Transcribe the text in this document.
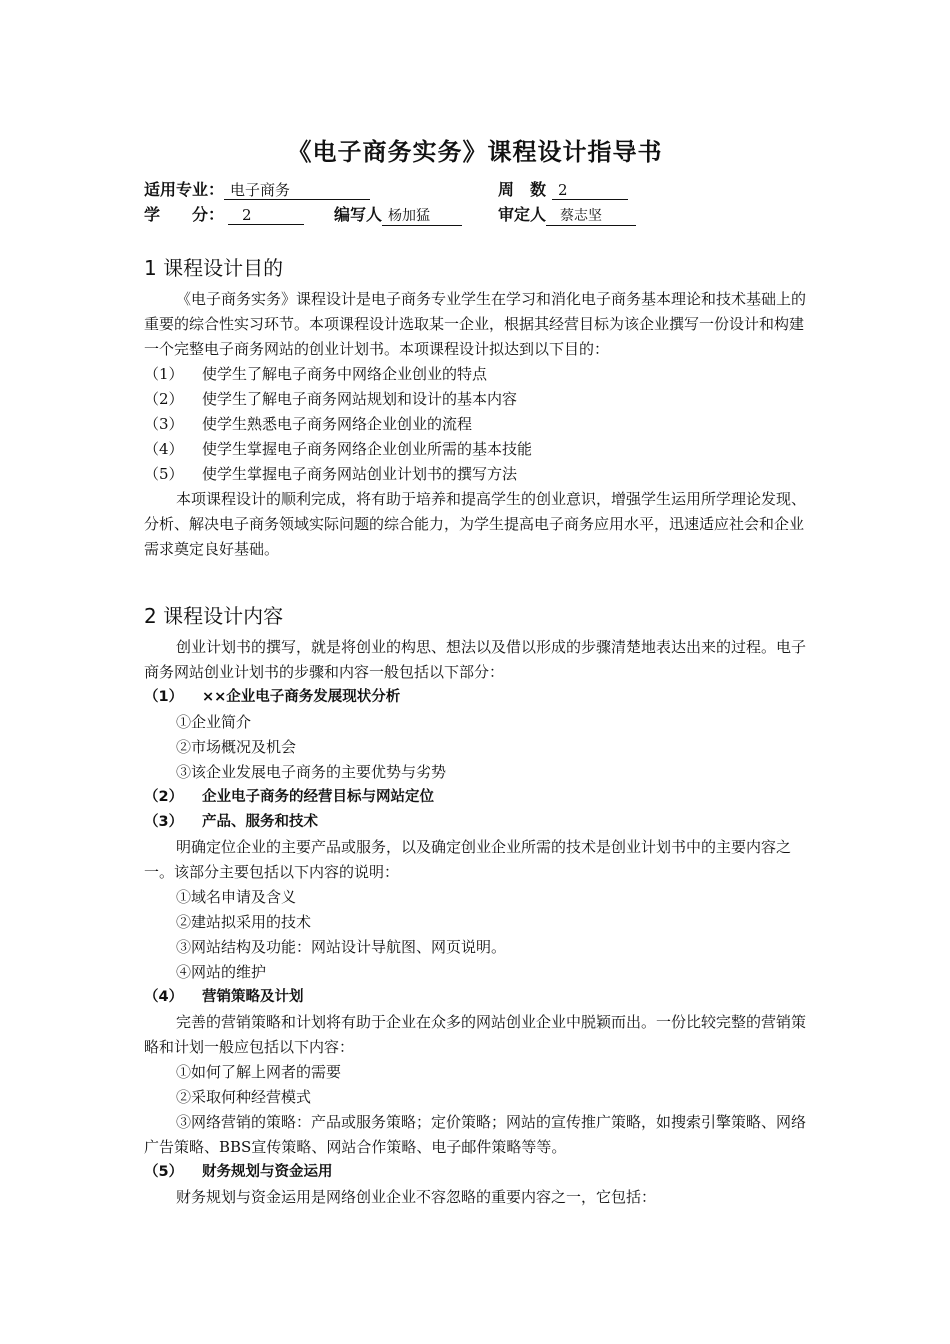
《电子商务实务》课程设计指导书
适用专业： 电子商务	周　数 2
学　　分： 2	编写人 杨加猛	审定人 蔡志坚
1 课程设计目的

《电子商务实务》课程设计是电子商务专业学生在学习和消化电子商务基本理论和技术基础上的重要的综合性实习环节。本项课程设计选取某一企业，根据其经营目标为该企业撰写一份设计和构建一个完整电子商务网站的创业计划书。本项课程设计拟达到以下目的：

（1） 使学生了解电子商务中网络企业创业的特点
（2） 使学生了解电子商务网站规划和设计的基本内容
（3） 使学生熟悉电子商务网络企业创业的流程
（4） 使学生掌握电子商务网络企业创业所需的基本技能
（5） 使学生掌握电子商务网站创业计划书的撰写方法

本项课程设计的顺利完成，将有助于培养和提高学生的创业意识，增强学生运用所学理论发现、分析、解决电子商务领域实际问题的综合能力，为学生提高电子商务应用水平，迅速适应社会和企业需求奠定良好基础。

2 课程设计内容

创业计划书的撰写，就是将创业的构思、想法以及借以形成的步骤清楚地表达出来的过程。电子商务网站创业计划书的步骤和内容一般包括以下部分：

（1） ××企业电子商务发展现状分析
①企业简介
②市场概况及机会
③该企业发展电子商务的主要优势与劣势
（2） 企业电子商务的经营目标与网站定位
（3） 产品、服务和技术

明确定位企业的主要产品或服务，以及确定创业企业所需的技术是创业计划书中的主要内容之一。该部分主要包括以下内容的说明：

①域名申请及含义
②建站拟采用的技术
③网站结构及功能：网站设计导航图、网页说明。
④网站的维护
（4） 营销策略及计划

完善的营销策略和计划将有助于企业在众多的网站创业企业中脱颖而出。一份比较完整的营销策略和计划一般应包括以下内容：

①如何了解上网者的需要
②采取何种经营模式

③网络营销的策略：产品或服务策略；定价策略；网站的宣传推广策略，如搜索引擎策略、网络广告策略、BBS宣传策略、网站合作策略、电子邮件策略等等。

（5） 财务规划与资金运用

财务规划与资金运用是网络创业企业不容忽略的重要内容之一，它包括：
